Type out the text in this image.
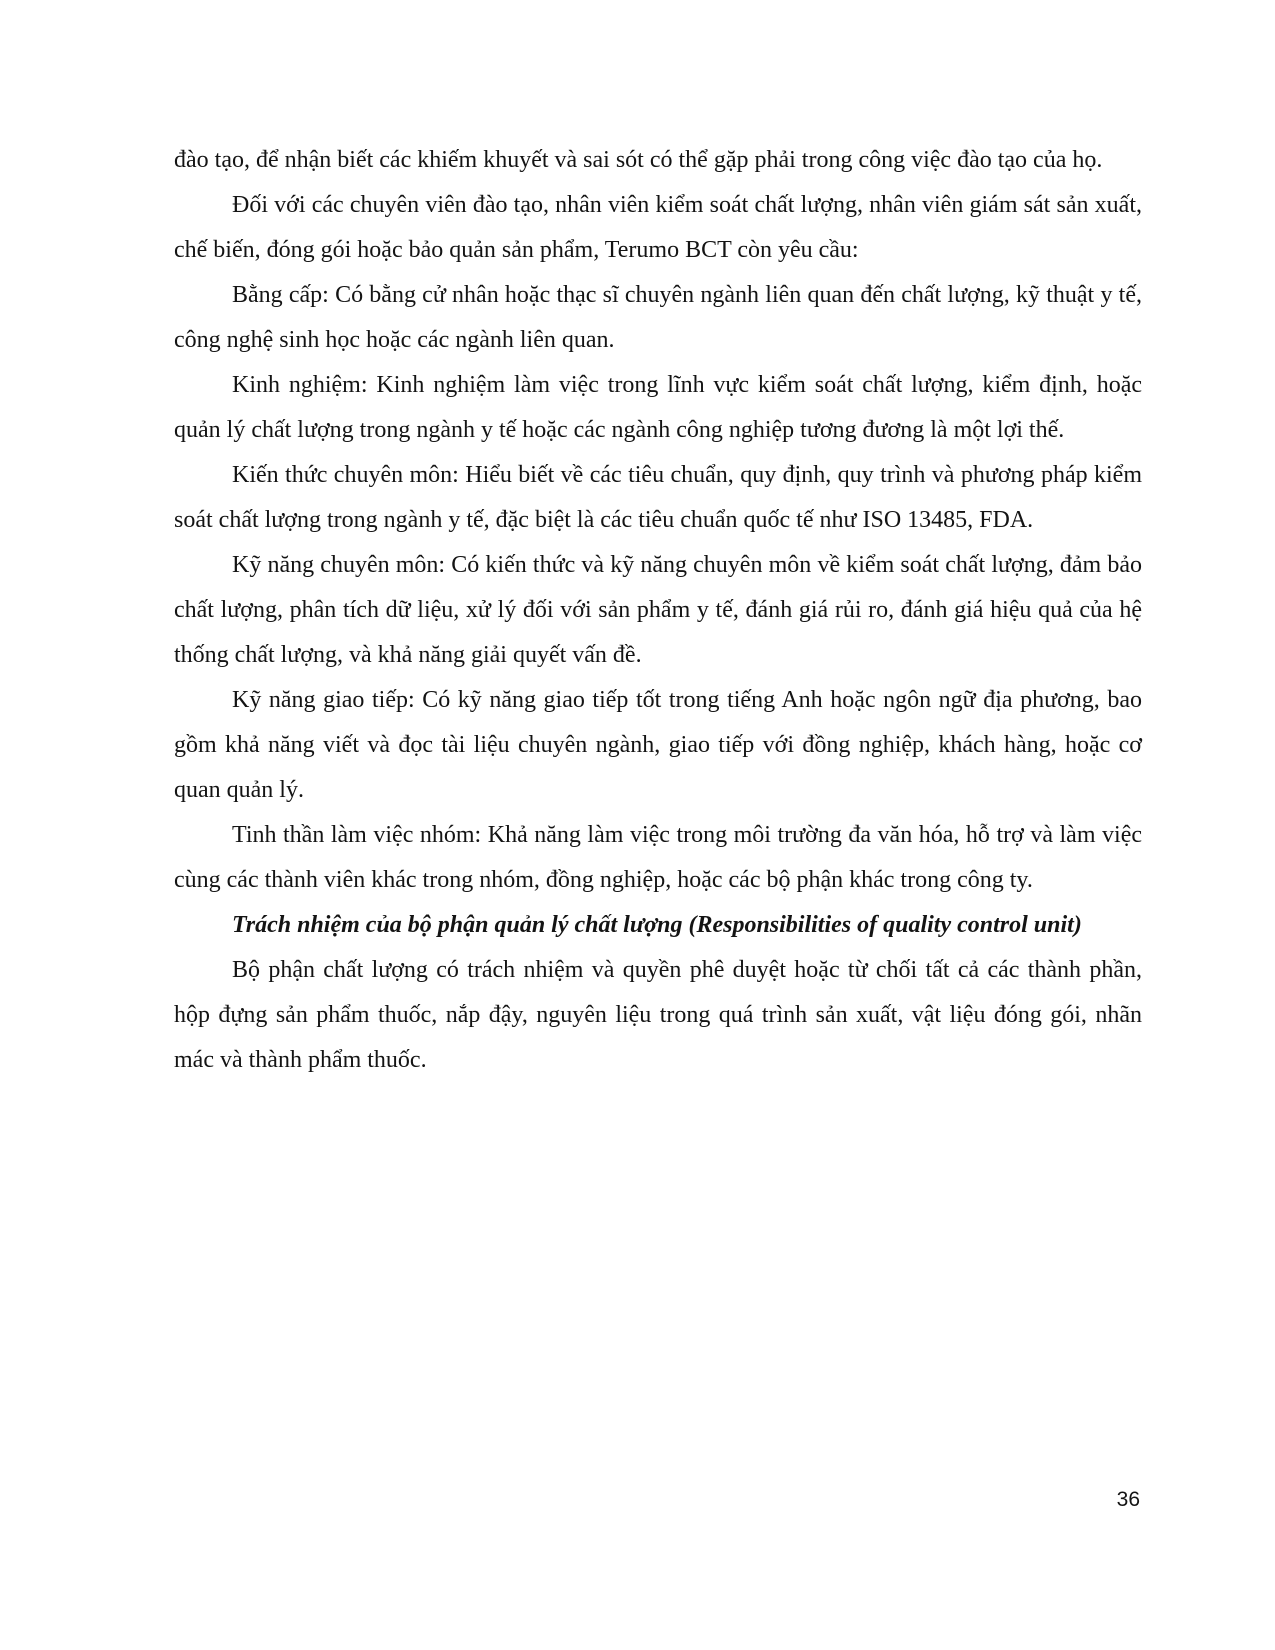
đào tạo, để nhận biết các khiếm khuyết và sai sót có thể gặp phải trong công việc đào tạo của họ.

Đối với các chuyên viên đào tạo, nhân viên kiểm soát chất lượng, nhân viên giám sát sản xuất, chế biến, đóng gói hoặc bảo quản sản phẩm, Terumo BCT còn yêu cầu:

Bằng cấp: Có bằng cử nhân hoặc thạc sĩ chuyên ngành liên quan đến chất lượng, kỹ thuật y tế, công nghệ sinh học hoặc các ngành liên quan.

Kinh nghiệm: Kinh nghiệm làm việc trong lĩnh vực kiểm soát chất lượng, kiểm định, hoặc quản lý chất lượng trong ngành y tế hoặc các ngành công nghiệp tương đương là một lợi thế.

Kiến thức chuyên môn: Hiểu biết về các tiêu chuẩn, quy định, quy trình và phương pháp kiểm soát chất lượng trong ngành y tế, đặc biệt là các tiêu chuẩn quốc tế như ISO 13485, FDA.

Kỹ năng chuyên môn: Có kiến thức và kỹ năng chuyên môn về kiểm soát chất lượng, đảm bảo chất lượng, phân tích dữ liệu, xử lý đối với sản phẩm y tế, đánh giá rủi ro, đánh giá hiệu quả của hệ thống chất lượng, và khả năng giải quyết vấn đề.

Kỹ năng giao tiếp: Có kỹ năng giao tiếp tốt trong tiếng Anh hoặc ngôn ngữ địa phương, bao gồm khả năng viết và đọc tài liệu chuyên ngành, giao tiếp với đồng nghiệp, khách hàng, hoặc cơ quan quản lý.

Tinh thần làm việc nhóm: Khả năng làm việc trong môi trường đa văn hóa, hỗ trợ và làm việc cùng các thành viên khác trong nhóm, đồng nghiệp, hoặc các bộ phận khác trong công ty.

Trách nhiệm của bộ phận quản lý chất lượng (Responsibilities of quality control unit)

Bộ phận chất lượng có trách nhiệm và quyền phê duyệt hoặc từ chối tất cả các thành phần, hộp đựng sản phẩm thuốc, nắp đậy, nguyên liệu trong quá trình sản xuất, vật liệu đóng gói, nhãn mác và thành phẩm thuốc.

36
